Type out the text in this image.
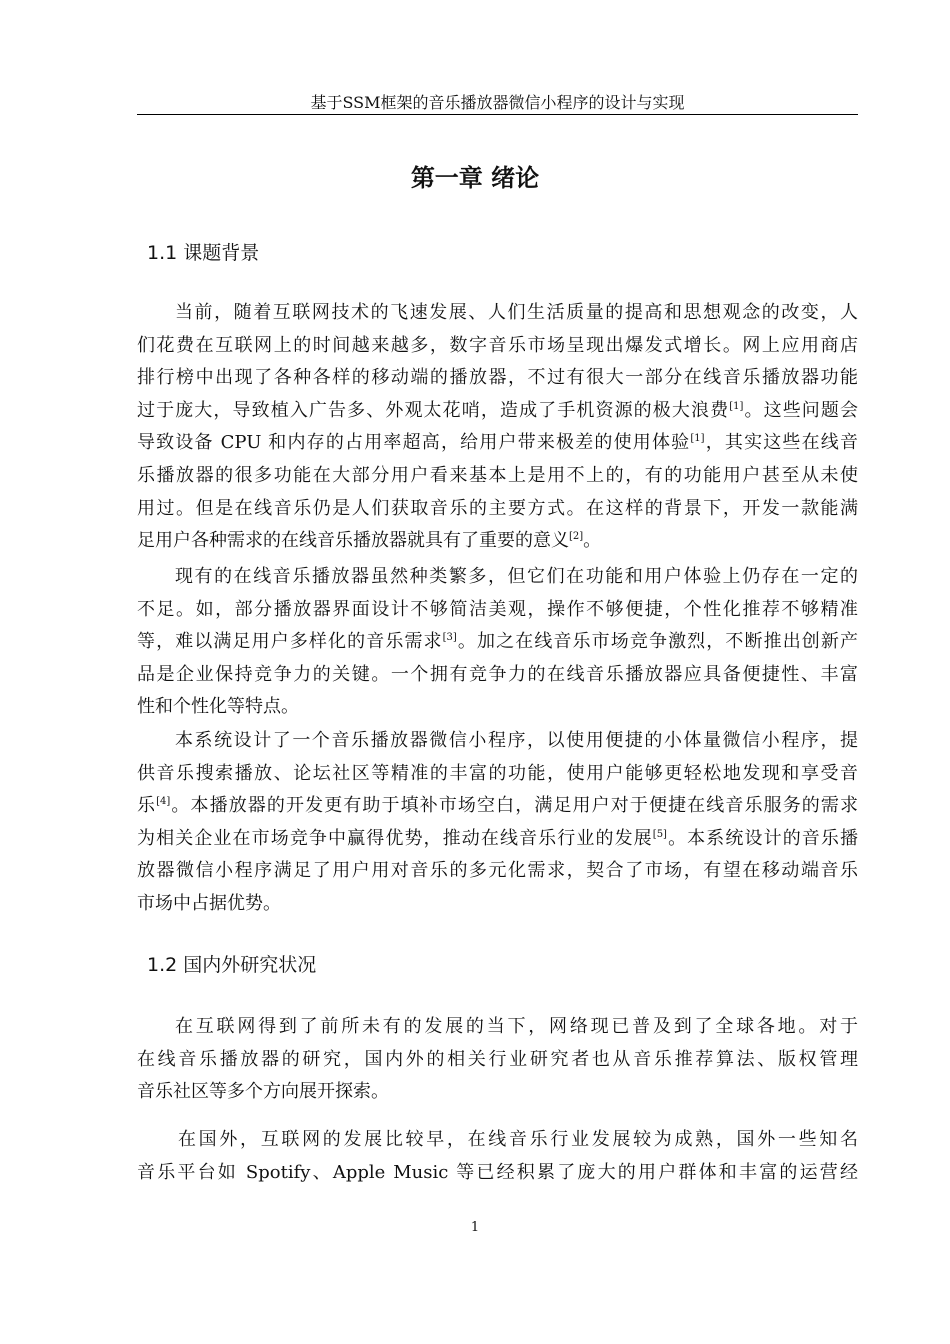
基于SSM框架的音乐播放器微信小程序的设计与实现
第一章 绪论
1.1 课题背景
当前，随着互联网技术的飞速发展、人们生活质量的提高和思想观念的改变，人
们花费在互联网上的时间越来越多，数字音乐市场呈现出爆发式增长。网上应用商店
排行榜中出现了各种各样的移动端的播放器，不过有很大一部分在线音乐播放器功能
过于庞大，导致植入广告多、外观太花哨，造成了手机资源的极大浪费[1]。这些问题会
导致设备 CPU 和内存的占用率超高，给用户带来极差的使用体验[1]，其实这些在线音
乐播放器的很多功能在大部分用户看来基本上是用不上的，有的功能用户甚至从未使
用过。但是在线音乐仍是人们获取音乐的主要方式。在这样的背景下，开发一款能满
足用户各种需求的在线音乐播放器就具有了重要的意义[2]。
现有的在线音乐播放器虽然种类繁多，但它们在功能和用户体验上仍存在一定的
不足。如，部分播放器界面设计不够简洁美观，操作不够便捷，个性化推荐不够精准
等，难以满足用户多样化的音乐需求[3]。加之在线音乐市场竞争激烈，不断推出创新产
品是企业保持竞争力的关键。一个拥有竞争力的在线音乐播放器应具备便捷性、丰富
性和个性化等特点。
本系统设计了一个音乐播放器微信小程序，以使用便捷的小体量微信小程序，提
供音乐搜索播放、论坛社区等精准的丰富的功能，使用户能够更轻松地发现和享受音
乐[4]。本播放器的开发更有助于填补市场空白，满足用户对于便捷在线音乐服务的需求
为相关企业在市场竞争中赢得优势，推动在线音乐行业的发展[5]。本系统设计的音乐播
放器微信小程序满足了用户用对音乐的多元化需求，契合了市场，有望在移动端音乐
市场中占据优势。
1.2 国内外研究状况
在互联网得到了前所未有的发展的当下，网络现已普及到了全球各地。对于
在线音乐播放器的研究，国内外的相关行业研究者也从音乐推荐算法、版权管理
音乐社区等多个方向展开探索。
在国外，互联网的发展比较早，在线音乐行业发展较为成熟，国外一些知名
音乐平台如 Spotify、Apple Music 等已经积累了庞大的用户群体和丰富的运营经
1
